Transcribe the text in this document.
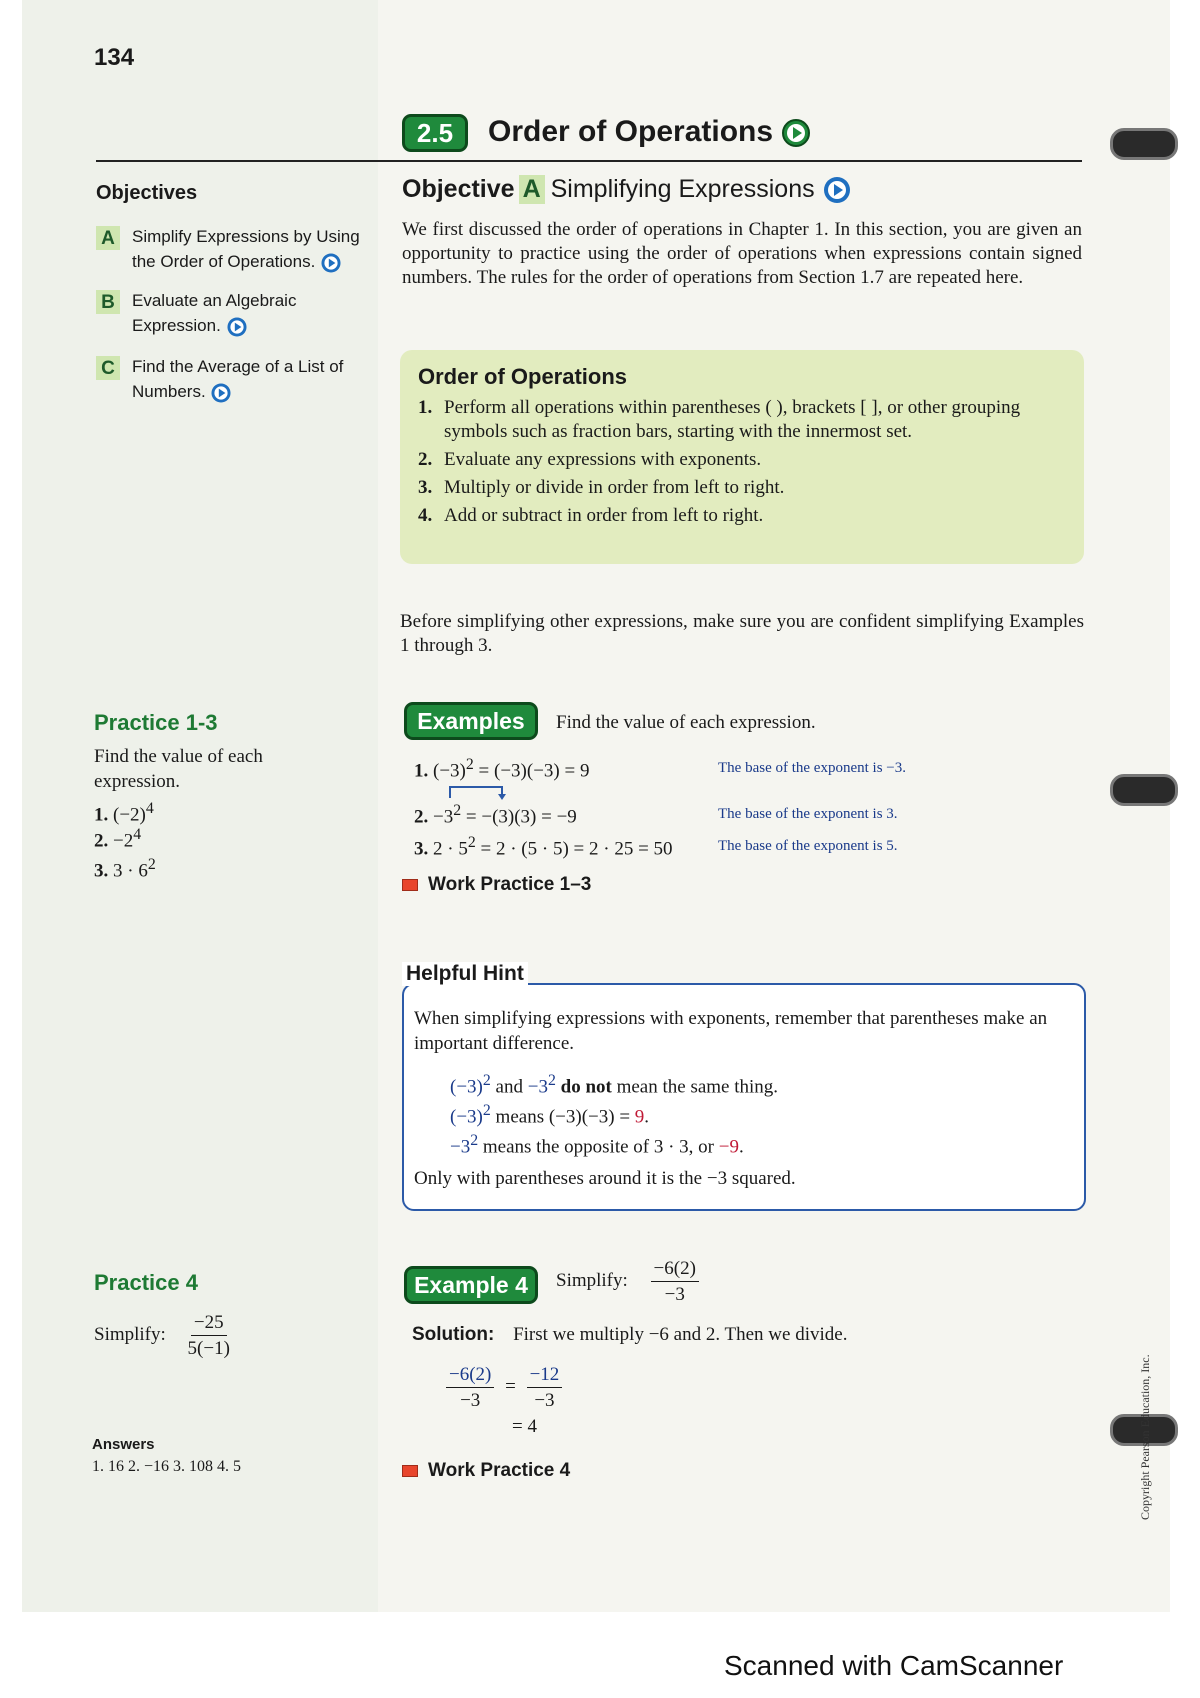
134
2.5	Order of Operations
Objectives
A	Simplify Expressions by Using the Order of Operations.
B	Evaluate an Algebraic Expression.
C	Find the Average of a List of Numbers.
Objective A Simplifying Expressions
We first discussed the order of operations in Chapter 1. In this section, you are given an opportunity to practice using the order of operations when expressions contain signed numbers. The rules for the order of operations from Section 1.7 are repeated here.
Order of Operations
1. Perform all operations within parentheses ( ), brackets [ ], or other grouping symbols such as fraction bars, starting with the innermost set.
2. Evaluate any expressions with exponents.
3. Multiply or divide in order from left to right.
4. Add or subtract in order from left to right.
Before simplifying other expressions, make sure you are confident simplifying Examples 1 through 3.
Practice 1-3
Find the value of each expression.
1. $(-2)^4$
2. $-2^4$
3. $3 \cdot 6^2$
Examples	Find the value of each expression.
1. $(-3)^2 = (-3)(-3) = 9$	The base of the exponent is −3.
2. $-3^2 = -(3)(3) = -9$	The base of the exponent is 3.
3. $2 \cdot 5^2 = 2 \cdot (5 \cdot 5) = 2 \cdot 25 = 50$	The base of the exponent is 5.
Work Practice 1–3
Helpful Hint
When simplifying expressions with exponents, remember that parentheses make an important difference.
$(-3)^2$ and $-3^2$ do not mean the same thing.
$(-3)^2$ means (−3)(−3) = 9.
$-3^2$ means the opposite of 3 · 3, or −9.
Only with parentheses around it is the −3 squared.
Practice 4
Simplify: $\frac{-25}{5(-1)}$
Example 4	Simplify: $\frac{-6(2)}{-3}$
Solution: First we multiply −6 and 2. Then we divide.
$\frac{-6(2)}{-3} = \frac{-12}{-3}$
= 4
Work Practice 4
Answers
1. 16 2. −16 3. 108 4. 5	Copyright Pearson Education, Inc.
Scanned with CamScanner
